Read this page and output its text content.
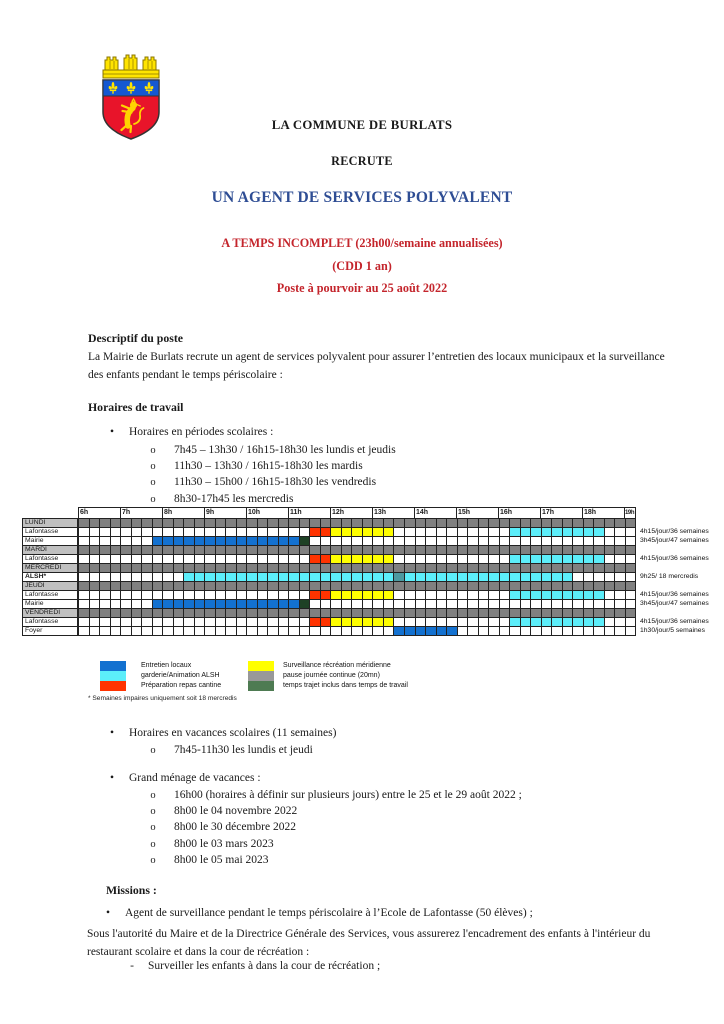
LA COMMUNE DE BURLATS
RECRUTE
UN AGENT DE SERVICES POLYVALENT
A TEMPS INCOMPLET (23h00/semaine annualisées)
(CDD 1 an)
Poste à pourvoir au 25 août 2022
Descriptif du poste
La Mairie de Burlats recrute un agent de services polyvalent pour assurer l’entretien des locaux municipaux et la surveillance des enfants pendant le temps périscolaire :
Horaires de travail
• Horaires en périodes scolaires :
o 7h45 – 13h30 / 16h15-18h30 les lundis et jeudis
o 11h30 – 13h30 / 16h15-18h30 les mardis
o 11h30 – 15h00 / 16h15-18h30 les vendredis
o 8h30-17h45 les mercredis
6h	7h	8h	9h	10h	11h	12h	13h	14h	15h	16h	17h	18h	19h
LUNDI
Lafontasse	4h15/jour/36 semaines
Mairie	3h45/jour/47 semaines
MARDI
Lafontasse	4h15/jour/36 semaines
MERCREDI
ALSH*	9h25/ 18 mercredis
JEUDI
Lafontasse	4h15/jour/36 semaines
Mairie	3h45/jour/47 semaines
VENDREDI
Lafontasse	4h15/jour/36 semaines
Foyer	1h30/jour/5 semaines
Entretien locaux
garderie/Animation ALSH
Préparation repas cantine
Surveillance récréation méridienne
pause journée continue (20mn)
temps trajet inclus dans temps de travail
* Semaines impaires uniquement soit 18 mercredis
• Horaires en vacances scolaires (11 semaines)
o 7h45-11h30 les lundis et jeudi
• Grand ménage de vacances :
o 16h00 (horaires à définir sur plusieurs jours) entre le 25 et le 29 août 2022 ;
o 8h00 le 04 novembre 2022
o 8h00 le 30 décembre 2022
o 8h00 le 03 mars 2023
o 8h00 le 05 mai 2023
Missions :
• Agent de surveillance pendant le temps périscolaire à l’Ecole de Lafontasse (50 élèves) ;
Sous l'autorité du Maire et de la Directrice Générale des Services, vous assurerez l'encadrement des enfants à l'intérieur du restaurant scolaire et dans la cour de récréation :
- Surveiller les enfants à dans la cour de récréation ;
